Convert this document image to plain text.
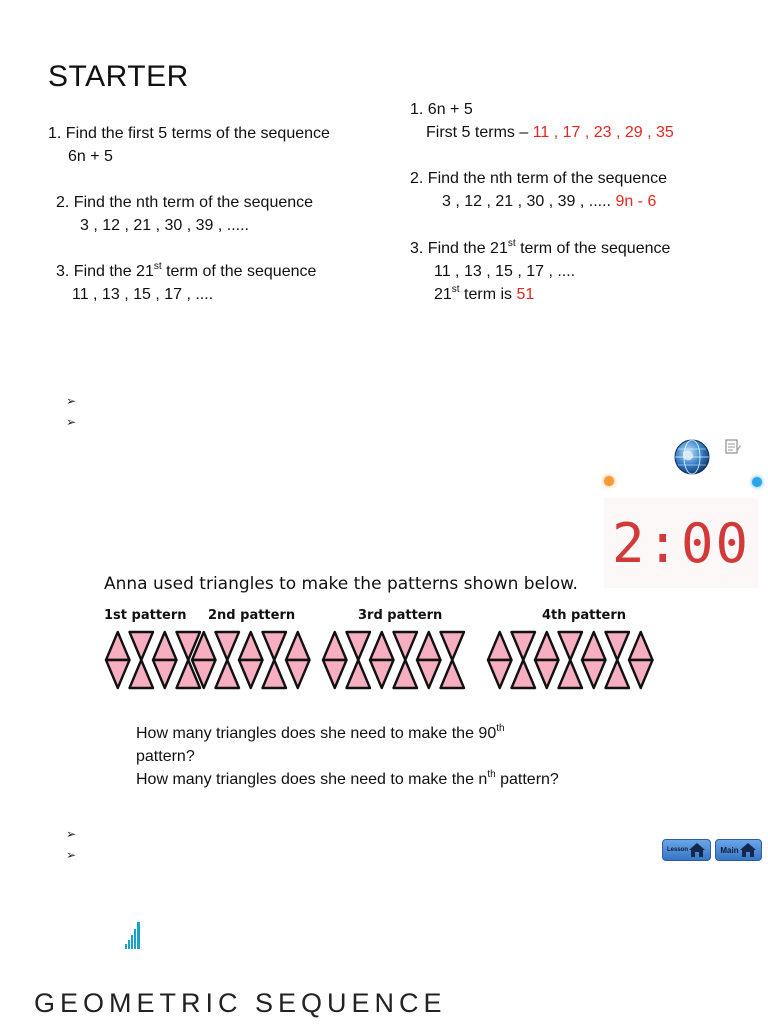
STARTER
1. Find the first 5 terms of the sequence
6n + 5
2. Find the nth term of the sequence
3 , 12 , 21 , 30 , 39 , .....
3. Find the 21st term of the sequence
11 , 13 , 15 , 17 , ....
1. 6n + 5
First 5 terms – 11 , 17 , 23 , 29 , 35
2. Find the nth term of the sequence
3 , 12 , 21 , 30 , 39 , ..... 9n - 6
3. Find the 21st term of the sequence
11 , 13 , 15 , 17 , ....
21st term is 51
➢
➢
2:00
Anna used triangles to make the patterns shown below.
1st pattern 2nd pattern	3rd pattern	4th pattern
How many triangles does she need to make the 90th
pattern?
How many triangles does she need to make the $n^{th}$ pattern?
➢
➢	Lesson	Main
GEOMETRIC SEQUENCE
